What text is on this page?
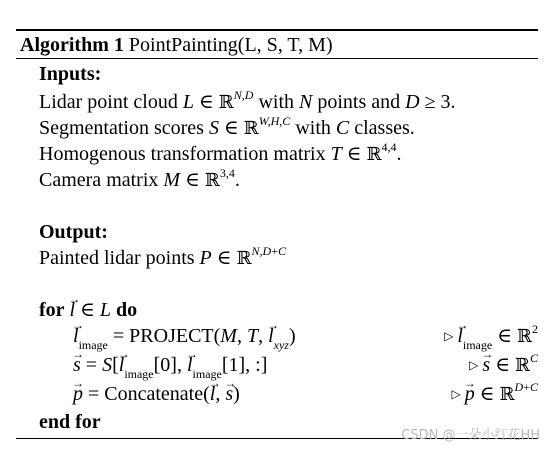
Algorithm 1 PointPainting(L, S, T, M)
Inputs:
Lidar point cloud L ∈ ℝ$^{N,D}$ with N points and D ≥ 3.
Segmentation scores S ∈ ℝ$^{W,H,C}$ with C classes.
Homogenous transformation matrix T ∈ ℝ$^{4,4}$.
Camera matrix M ∈ ℝ$^{3,4}$.
Output:
Painted lidar points P ∈ ℝ$^{N,D+C}$
for → l ∈ L do
→ $l_{image}$ = PROJECT(M, T, → $l_{xyz}$)	▷ → $l_{image}$ ∈ ℝ$^2$
→ $s = S[\to l_{image}[0]$, → $l_{image}[1]$, :]	▷ → s ∈ ℝ$^C$
→ p = Concatenate(→ l, → s)	▷ → p ∈ ℝ$^{D+C}$
end for
CSDN @一朵小红花HH
